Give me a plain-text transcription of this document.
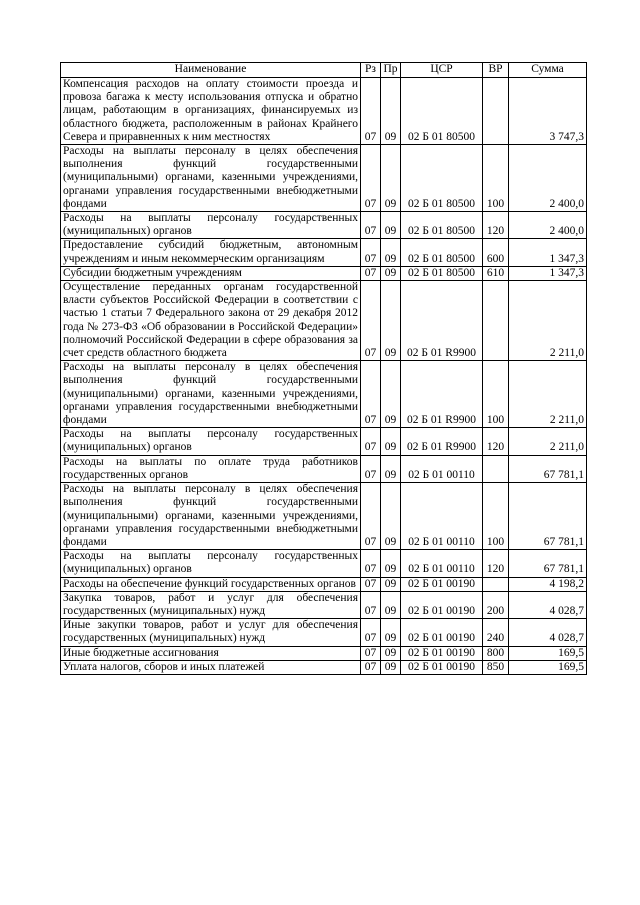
Наименование	Рз	Пр	ЦСР	ВР	Сумма
Компенсация расходов на оплату стоимости проезда и провоза багажа к месту использования отпуска и обратно лицам, работающим в организациях, финансируемых из областного бюджета, расположенным в районах Крайнего Севера и приравненных к ним местностях	07	09	02 Б 01 80500		3 747,3
Расходы на выплаты персоналу в целях обеспечения выполнения функций государственными (муниципальными) органами, казенными учреждениями, органами управления государственными внебюджетными фондами	07	09	02 Б 01 80500	100	2 400,0
Расходы на выплаты персоналу государственных (муниципальных) органов	07	09	02 Б 01 80500	120	2 400,0
Предоставление субсидий бюджетным, автономным учреждениям и иным некоммерческим организациям	07	09	02 Б 01 80500	600	1 347,3
Субсидии бюджетным учреждениям	07	09	02 Б 01 80500	610	1 347,3
Осуществление переданных органам государственной власти субъектов Российской Федерации в соответствии с частью 1 статьи 7 Федерального закона от 29 декабря 2012 года № 273-ФЗ «Об образовании в Российской Федерации» полномочий Российской Федерации в сфере образования за счет средств областного бюджета	07	09	02 Б 01 R9900		2 211,0
Расходы на выплаты персоналу в целях обеспечения выполнения функций государственными (муниципальными) органами, казенными учреждениями, органами управления государственными внебюджетными фондами	07	09	02 Б 01 R9900	100	2 211,0
Расходы на выплаты персоналу государственных (муниципальных) органов	07	09	02 Б 01 R9900	120	2 211,0
Расходы на выплаты по оплате труда работников государственных органов	07	09	02 Б 01 00110		67 781,1
Расходы на выплаты персоналу в целях обеспечения выполнения функций государственными (муниципальными) органами, казенными учреждениями, органами управления государственными внебюджетными фондами	07	09	02 Б 01 00110	100	67 781,1
Расходы на выплаты персоналу государственных (муниципальных) органов	07	09	02 Б 01 00110	120	67 781,1
Расходы на обеспечение функций государственных органов	07	09	02 Б 01 00190		4 198,2
Закупка товаров, работ и услуг для обеспечения государственных (муниципальных) нужд	07	09	02 Б 01 00190	200	4 028,7
Иные закупки товаров, работ и услуг для обеспечения государственных (муниципальных) нужд	07	09	02 Б 01 00190	240	4 028,7
Иные бюджетные ассигнования	07	09	02 Б 01 00190	800	169,5
Уплата налогов, сборов и иных платежей	07	09	02 Б 01 00190	850	169,5
